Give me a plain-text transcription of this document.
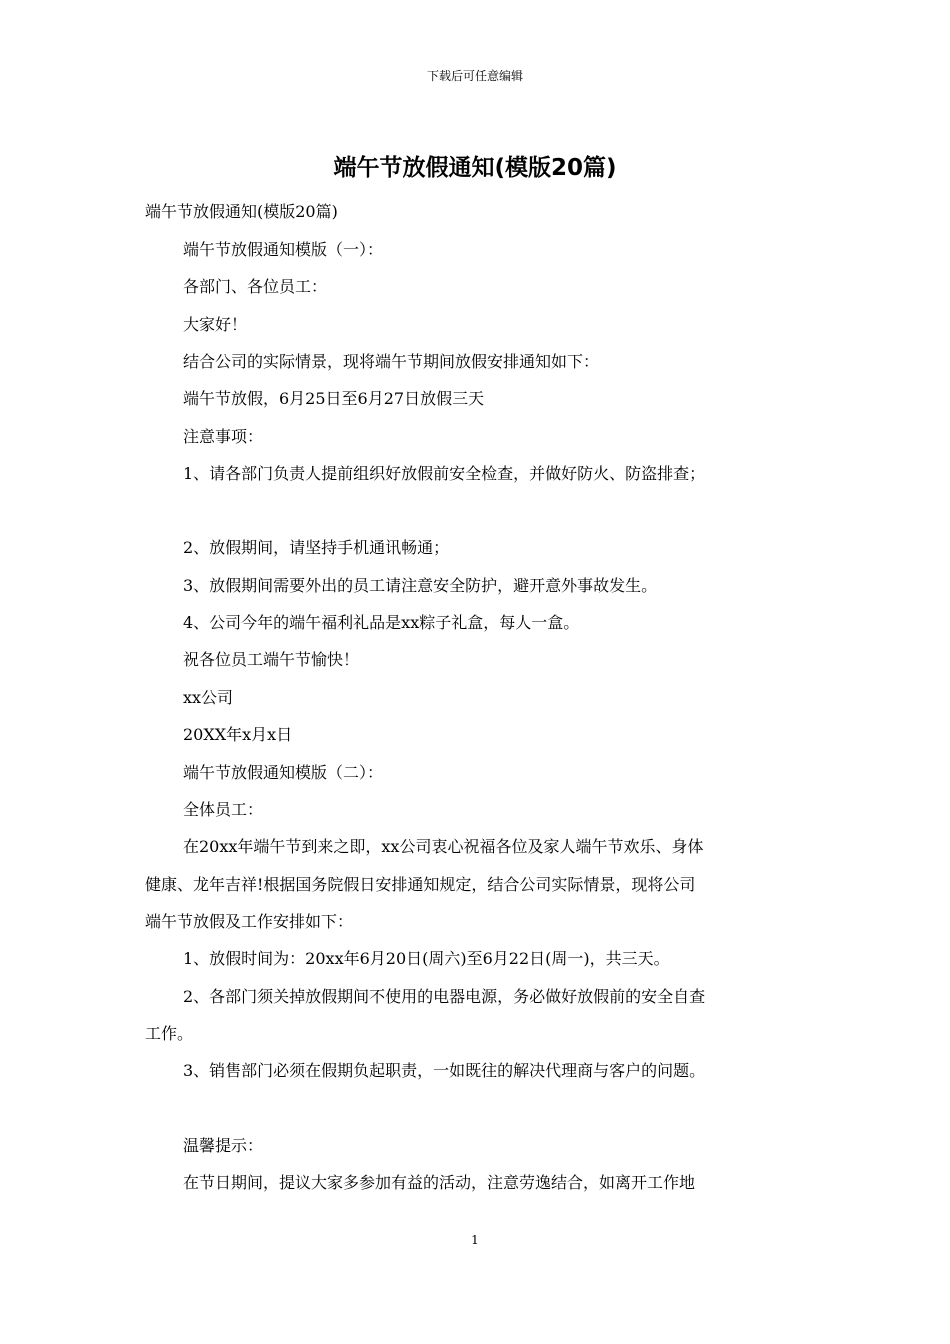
下载后可任意编辑
端午节放假通知(模版20篇)
端午节放假通知(模版20篇)
端午节放假通知模版（一）：
各部门、各位员工：
大家好！
结合公司的实际情景，现将端午节期间放假安排通知如下：
端午节放假，6月25日至6月27日放假三天
注意事项：
1、请各部门负责人提前组织好放假前安全检查，并做好防火、防盗排查；
2、放假期间，请坚持手机通讯畅通；
3、放假期间需要外出的员工请注意安全防护，避开意外事故发生。
4、公司今年的端午福利礼品是xx粽子礼盒，每人一盒。
祝各位员工端午节愉快！
xx公司
20XX年x月x日
端午节放假通知模版（二）：
全体员工：
在20xx年端午节到来之即，xx公司衷心祝福各位及家人端午节欢乐、身体
健康、龙年吉祥!根据国务院假日安排通知规定，结合公司实际情景，现将公司
端午节放假及工作安排如下：
1、放假时间为：20xx年6月20日(周六)至6月22日(周一)，共三天。
2、各部门须关掉放假期间不使用的电器电源，务必做好放假前的安全自查
工作。
3、销售部门必须在假期负起职责，一如既往的解决代理商与客户的问题。
温馨提示：
在节日期间，提议大家多参加有益的活动，注意劳逸结合，如离开工作地
1
